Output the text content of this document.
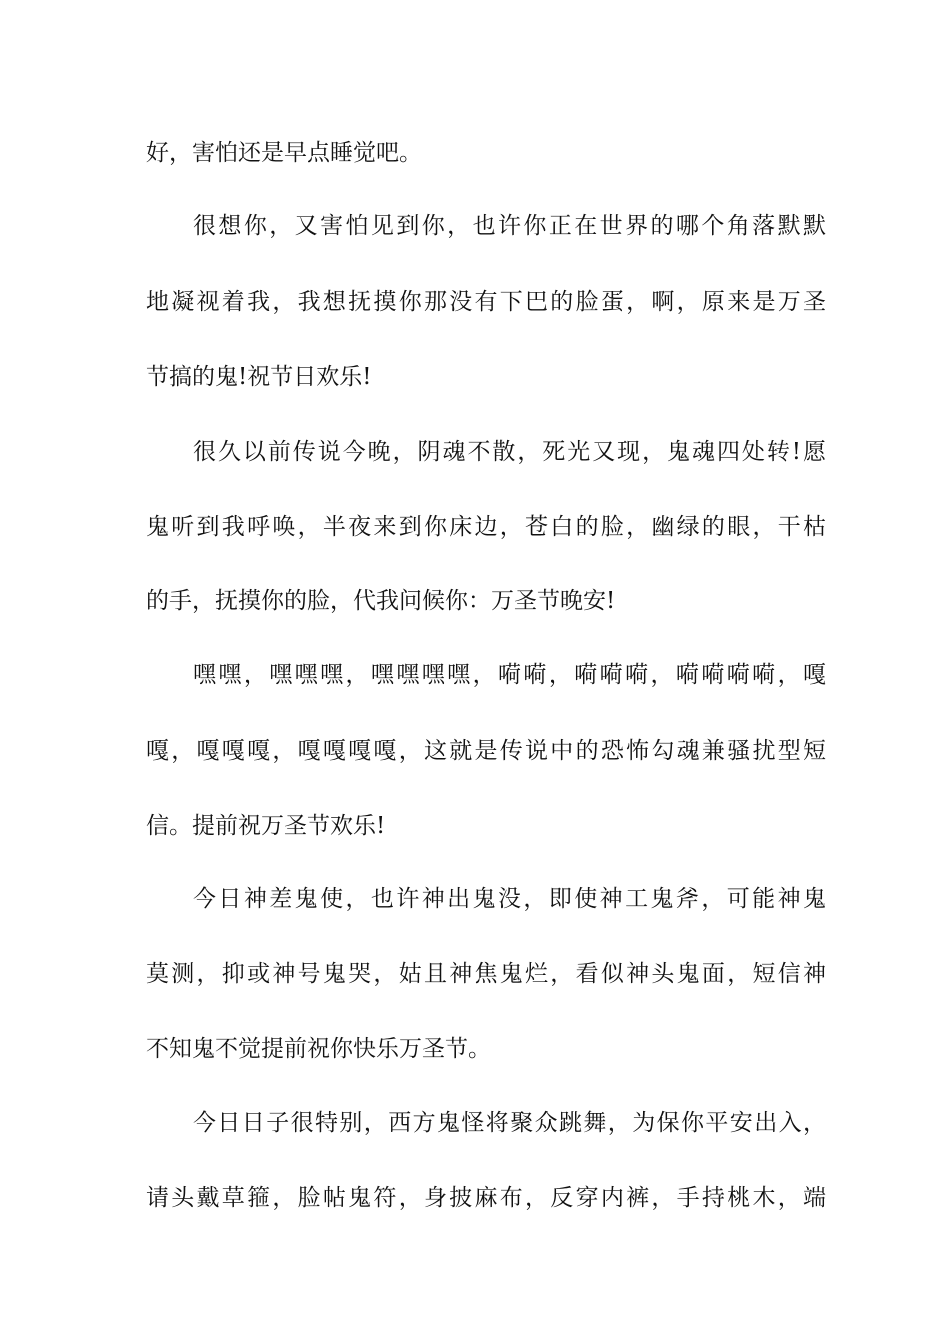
好，害怕还是早点睡觉吧。
很想你，又害怕见到你，也许你正在世界的哪个角落默默
地凝视着我，我想抚摸你那没有下巴的脸蛋，啊，原来是万圣
节搞的鬼!祝节日欢乐!
很久以前传说今晚，阴魂不散，死光又现，鬼魂四处转!愿
鬼听到我呼唤，半夜来到你床边，苍白的脸，幽绿的眼，干枯
的手，抚摸你的脸，代我问候你：万圣节晚安!
嘿嘿，嘿嘿嘿，嘿嘿嘿嘿，嗬嗬，嗬嗬嗬，嗬嗬嗬嗬，嘎
嘎，嘎嘎嘎，嘎嘎嘎嘎，这就是传说中的恐怖勾魂兼骚扰型短
信。提前祝万圣节欢乐!
今日神差鬼使，也许神出鬼没，即使神工鬼斧，可能神鬼
莫测，抑或神号鬼哭，姑且神焦鬼烂，看似神头鬼面，短信神
不知鬼不觉提前祝你快乐万圣节。
今日日子很特别，西方鬼怪将聚众跳舞，为保你平安出入，
请头戴草箍，脸帖鬼符，身披麻布，反穿内裤，手持桃木，端
